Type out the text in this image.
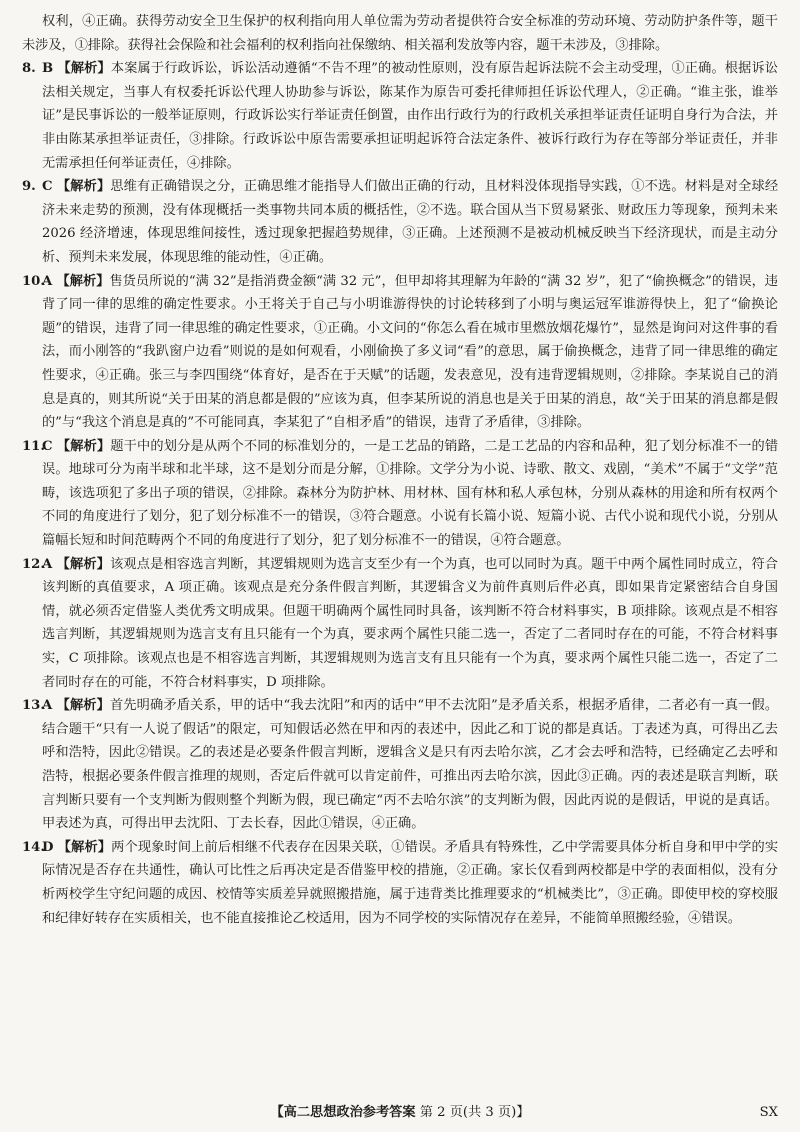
权利，④正确。获得劳动安全卫生保护的权利指向用人单位需为劳动者提供符合安全标准的劳动环境、劳动防护条件等，题干未涉及，①排除。获得社会保险和社会福利的权利指向社保缴纳、相关福利发放等内容，题干未涉及，③排除。

8. B 【解析】本案属于行政诉讼，诉讼活动遵循“不告不理”的被动性原则，没有原告起诉法院不会主动受理，①正确。根据诉讼法相关规定，当事人有权委托诉讼代理人协助参与诉讼，陈某作为原告可委托律师担任诉讼代理人，②正确。“谁主张，谁举证”是民事诉讼的一般举证原则，行政诉讼实行举证责任倒置，由作出行政行为的行政机关承担举证责任证明自身行为合法，并非由陈某承担举证责任，③排除。行政诉讼中原告需要承担证明起诉符合法定条件、被诉行政行为存在等部分举证责任，并非无需承担任何举证责任，④排除。

9. C 【解析】思维有正确错误之分，正确思维才能指导人们做出正确的行动，且材料没体现指导实践，①不选。材料是对全球经济未来走势的预测，没有体现概括一类事物共同本质的概括性，②不选。联合国从当下贸易紧张、财政压力等现象，预判未来 2026 经济增速，体现思维间接性，透过现象把握趋势规律，③正确。上述预测不是被动机械反映当下经济现状，而是主动分析、预判未来发展，体现思维的能动性，④正确。

10.
A 【解析】售货员所说的“满 32”是指消费金额“满 32 元”，但甲却将其理解为年龄的“满 32 岁”，犯了“偷换概念”的错误，违背了同一律的思维的确定性要求。小王将关于自己与小明谁游得快的讨论转移到了小明与奥运冠军谁游得快上，犯了“偷换论题”的错误，违背了同一律思维的确定性要求，①正确。小文问的“你怎么看在城市里燃放烟花爆竹”，显然是询问对这件事的看法，而小刚答的“我趴窗户边看”则说的是如何观看，小刚偷换了多义词“看”的意思，属于偷换概念，违背了同一律思维的确定性要求，④正确。张三与李四围绕“体育好，是否在于天赋”的话题，发表意见，没有违背逻辑规则，②排除。李某说自己的消息是真的，则其所说“关于田某的消息都是假的”应该为真，但李某所说的消息也是关于田某的消息，故“关于田某的消息都是假的”与“我这个消息是真的”不可能同真，李某犯了“自相矛盾”的错误，违背了矛盾律，③排除。

11.
C 【解析】题干中的划分是从两个不同的标准划分的，一是工艺品的销路，二是工艺品的内容和品种，犯了划分标准不一的错误。地球可分为南半球和北半球，这不是划分而是分解，①排除。文学分为小说、诗歌、散文、戏剧，“美术”不属于“文学”范畴，该选项犯了多出子项的错误，②排除。森林分为防护林、用材林、国有林和私人承包林，分别从森林的用途和所有权两个不同的角度进行了划分，犯了划分标准不一的错误，③符合题意。小说有长篇小说、短篇小说、古代小说和现代小说，分别从篇幅长短和时间范畴两个不同的角度进行了划分，犯了划分标准不一的错误，④符合题意。

12.
A 【解析】该观点是相容选言判断，其逻辑规则为选言支至少有一个为真，也可以同时为真。题干中两个属性同时成立，符合该判断的真值要求，A 项正确。该观点是充分条件假言判断，其逻辑含义为前件真则后件必真，即如果肯定紧密结合自身国情，就必须否定借鉴人类优秀文明成果。但题干明确两个属性同时具备，该判断不符合材料事实，B 项排除。该观点是不相容选言判断，其逻辑规则为选言支有且只能有一个为真，要求两个属性只能二选一，否定了二者同时存在的可能，不符合材料事实，C 项排除。该观点也是不相容选言判断，其逻辑规则为选言支有且只能有一个为真，要求两个属性只能二选一，否定了二者同时存在的可能，不符合材料事实，D 项排除。

13.
A 【解析】首先明确矛盾关系，甲的话中“我去沈阳”和丙的话中“甲不去沈阳”是矛盾关系，根据矛盾律，二者必有一真一假。结合题干“只有一人说了假话”的限定，可知假话必然在甲和丙的表述中，因此乙和丁说的都是真话。丁表述为真，可得出乙去呼和浩特，因此②错误。乙的表述是必要条件假言判断，逻辑含义是只有丙去哈尔滨，乙才会去呼和浩特，已经确定乙去呼和浩特，根据必要条件假言推理的规则，否定后件就可以肯定前件，可推出丙去哈尔滨，因此③正确。丙的表述是联言判断，联言判断只要有一个支判断为假则整个判断为假，现已确定“丙不去哈尔滨”的支判断为假，因此丙说的是假话，甲说的是真话。甲表述为真，可得出甲去沈阳、丁去长春，因此①错误，④正确。

14.
D 【解析】两个现象时间上前后相继不代表存在因果关联，①错误。矛盾具有特殊性，乙中学需要具体分析自身和甲中学的实际情况是否存在共通性，确认可比性之后再决定是否借鉴甲校的措施，②正确。家长仅看到两校都是中学的表面相似，没有分析两校学生守纪问题的成因、校情等实质差异就照搬措施，属于违背类比推理要求的“机械类比”，③正确。即使甲校的穿校服和纪律好转存在实质相关，也不能直接推论乙校适用，因为不同学校的实际情况存在差异，不能简单照搬经验，④错误。

【高二思想政治参考答案 第 2 页(共 3 页)】	SX
